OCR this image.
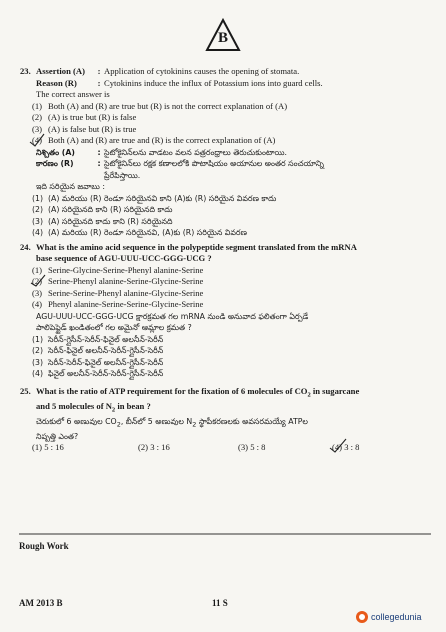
B
23. Assertion (A) : Application of cytokinins causes the opening of stomata.
Reason (R) : Cytokinins induce the influx of Potassium ions into guard cells.
The correct answer is
(1) Both (A) and (R) are true but (R) is not the correct explanation of (A)
(2) (A) is true but (R) is false
(3) (A) is false but (R) is true
(4) Both (A) and (R) are true and (R) is the correct explanation of (A)
నిశ్చితం (A)	: సైటోకైనిన్‌లను వాడటం వలన పత్రరంధ్రాలు తెరుచుకుంటాయి.
కారణం (R)	: సైటోకైనిన్‌లు రక్షక కణాలలోకి పొటాషియం అయానుల అంతర సంచయాన్ని
ప్రేరేపిస్తాయి.
ఇది సరియైన జవాబు :
(1) (A) మరియు (R) రెండూ సరియైనవి కాని (A)కు (R) సరియైన వివరణ కాదు
(2) (A) సరియైనది కాని (R) సరియైనది కాదు
(3) (A) సరియైనది కాదు కాని (R) సరియైనది
(4) (A) మరియు (R) రెండూ సరియైనవి, (A)కు (R) సరియైన వివరణ
24. What is the amino acid sequence in the polypeptide segment translated from the mRNA
base sequence of AGU-UUU-UCC-GGG-UCG ?
(1) Serine-Glycine-Serine-Phenyl alanine-Serine
(2) Serine-Phenyl alanine-Serine-Glycine-Serine
(3) Serine-Serine-Phenyl alanine-Glycine-Serine
(4) Phenyl alanine-Serine-Serine-Glycine-Serine
AGU-UUU-UCC-GGG-UCG క్షారక్రమత గల mRNA నుండి అనువాద ఫలితంగా ఏర్పడే
పాలిపెప్టైడ్ ఖండితంలో గల అమైనో ఆమ్లాల క్రమత ?
(1) సెరీన్-గ్లైసీన్-సెరీన్-ఫినైల్ అలనీన్-సెరీన్
(2) సెరీన్-ఫినైల్ అలనీన్-సెరీన్-గ్లైసీన్-సెరీన్
(3) సెరీన్-సెరీన్-ఫినైల్ అలనీన్-గ్లైసీన్-సెరీన్
(4) ఫినైల్ అలనీన్-సెరీన్-సెరీన్-గ్లైసీన్-సెరీన్
25. What is the ratio of ATP requirement for the fixation of 6 molecules of $CO_2$ in sugarcane
and 5 molecules of $N_2$ in bean ?
చెరుకులో 6 అణువుల $CO_2$, బీన్‌లో 5 అణువుల $N_2$ స్థాపీకరణలకు అవసరమయ్యే ATPల
నిష్పత్తి ఎంత?
(1) 5 : 16	(2) 3 : 16	(3) 5 : 8	(4) 3 : 8
Rough Work
AM 2013 B	11 S
collegedunia
